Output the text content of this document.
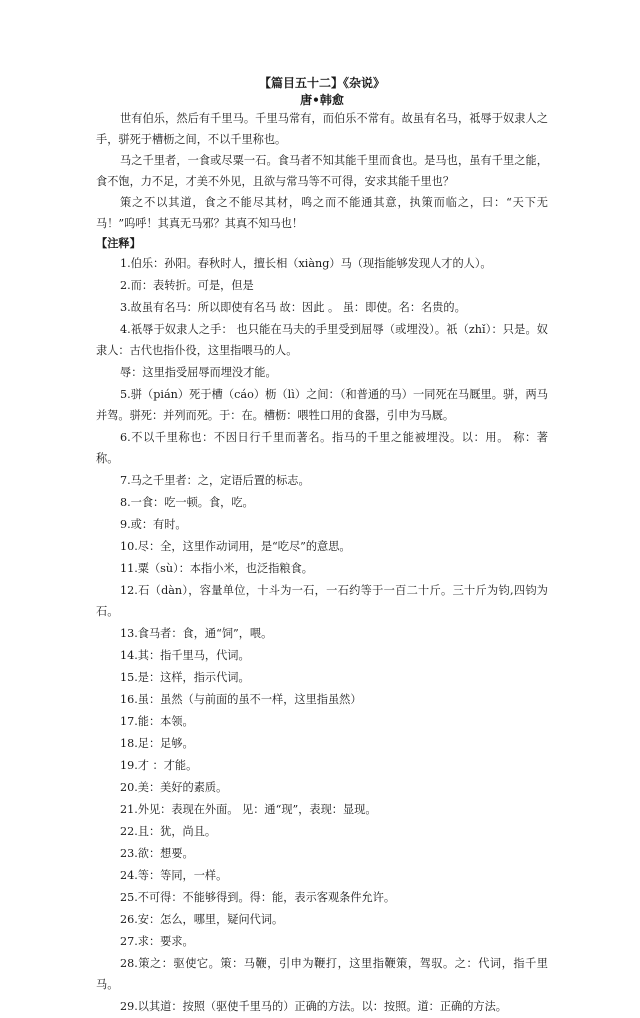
【篇目五十二】《杂说》
唐•韩愈

世有伯乐，然后有千里马。千里马常有，而伯乐不常有。故虽有名马，祗辱于奴隶人之手，骈死于槽枥之间，不以千里称也。

马之千里者，一食或尽粟一石。食马者不知其能千里而食也。是马也，虽有千里之能，食不饱，力不足，才美不外见，且欲与常马等不可得，安求其能千里也？

策之不以其道，食之不能尽其材，鸣之而不能通其意，执策而临之，曰：“天下无马！”呜呼！其真无马邪？其真不知马也！

【注释】

1.伯乐：孙阳。春秋时人，擅长相（xiàng）马（现指能够发现人才的人）。

2.而：表转折。可是，但是

3.故虽有名马：所以即使有名马 故：因此 。 虽：即使。名：名贵的。

4.祇辱于奴隶人之手： 也只能在马夫的手里受到屈辱（或埋没）。祇（zhǐ）：只是。奴隶人：古代也指仆役，这里指喂马的人。

辱：这里指受屈辱而埋没才能。

5.骈（pián）死于槽（cáo）枥（lì）之间：（和普通的马）一同死在马厩里。骈，两马并驾。骈死：并列而死。于：在。槽枥：喂牲口用的食器，引申为马厩。

6.不以千里称也：不因日行千里而著名。指马的千里之能被埋没。以：用。 称：著称。

7.马之千里者：之，定语后置的标志。

8.一食：吃一顿。食，吃。

9.或：有时。

10.尽：全，这里作动词用，是“吃尽”的意思。

11.粟（sù）：本指小米，也泛指粮食。

12.石（dàn），容量单位，十斗为一石，一石约等于一百二十斤。三十斤为钧,四钧为石。

13.食马者：食，通“饲”，喂。

14.其：指千里马，代词。

15.是：这样，指示代词。

16.虽：虽然（与前面的虽不一样，这里指虽然）

17.能：本领。

18.足：足够。

19.才 ：才能。

20.美：美好的素质。

21.外见：表现在外面。 见：通“现”，表现：显现。

22.且：犹，尚且。

23.欲：想要。

24.等：等同，一样。

25.不可得：不能够得到。得：能，表示客观条件允许。

26.安：怎么，哪里，疑问代词。

27.求：要求。

28.策之：驱使它。策：马鞭，引申为鞭打，这里指鞭策，驾驭。之：代词，指千里马。

29.以其道：按照（驱使千里马的）正确的方法。以：按照。道：正确的方法。
